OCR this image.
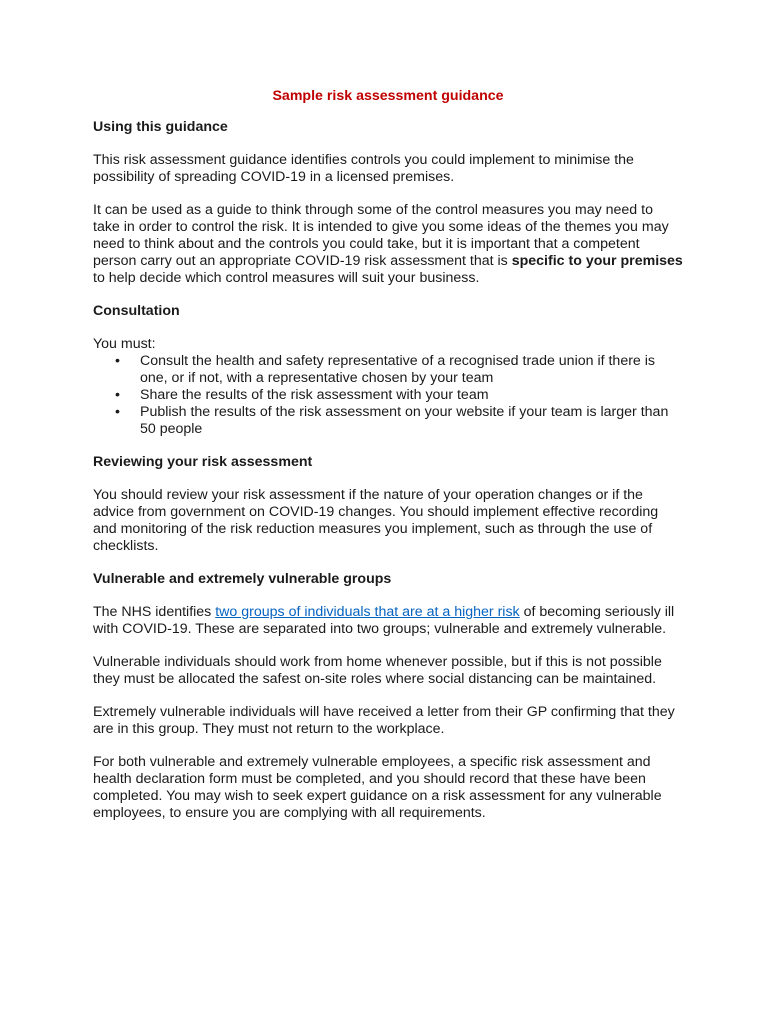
Sample risk assessment guidance
Using this guidance

This risk assessment guidance identifies controls you could implement to minimise the possibility of spreading COVID-19 in a licensed premises.

It can be used as a guide to think through some of the control measures you may need to take in order to control the risk. It is intended to give you some ideas of the themes you may need to think about and the controls you could take, but it is important that a competent person carry out an appropriate COVID-19 risk assessment that is specific to your premises to help decide which control measures will suit your business.

Consultation

You must:

• Consult the health and safety representative of a recognised trade union if there is one, or if not, with a representative chosen by your team
• Share the results of the risk assessment with your team
• Publish the results of the risk assessment on your website if your team is larger than 50 people
Reviewing your risk assessment

You should review your risk assessment if the nature of your operation changes or if the advice from government on COVID-19 changes. You should implement effective recording and monitoring of the risk reduction measures you implement, such as through the use of checklists.

Vulnerable and extremely vulnerable groups

The NHS identifies two groups of individuals that are at a higher risk of becoming seriously ill with COVID-19. These are separated into two groups; vulnerable and extremely vulnerable.

Vulnerable individuals should work from home whenever possible, but if this is not possible they must be allocated the safest on-site roles where social distancing can be maintained.

Extremely vulnerable individuals will have received a letter from their GP confirming that they are in this group. They must not return to the workplace.

For both vulnerable and extremely vulnerable employees, a specific risk assessment and health declaration form must be completed, and you should record that these have been completed. You may wish to seek expert guidance on a risk assessment for any vulnerable employees, to ensure you are complying with all requirements.
